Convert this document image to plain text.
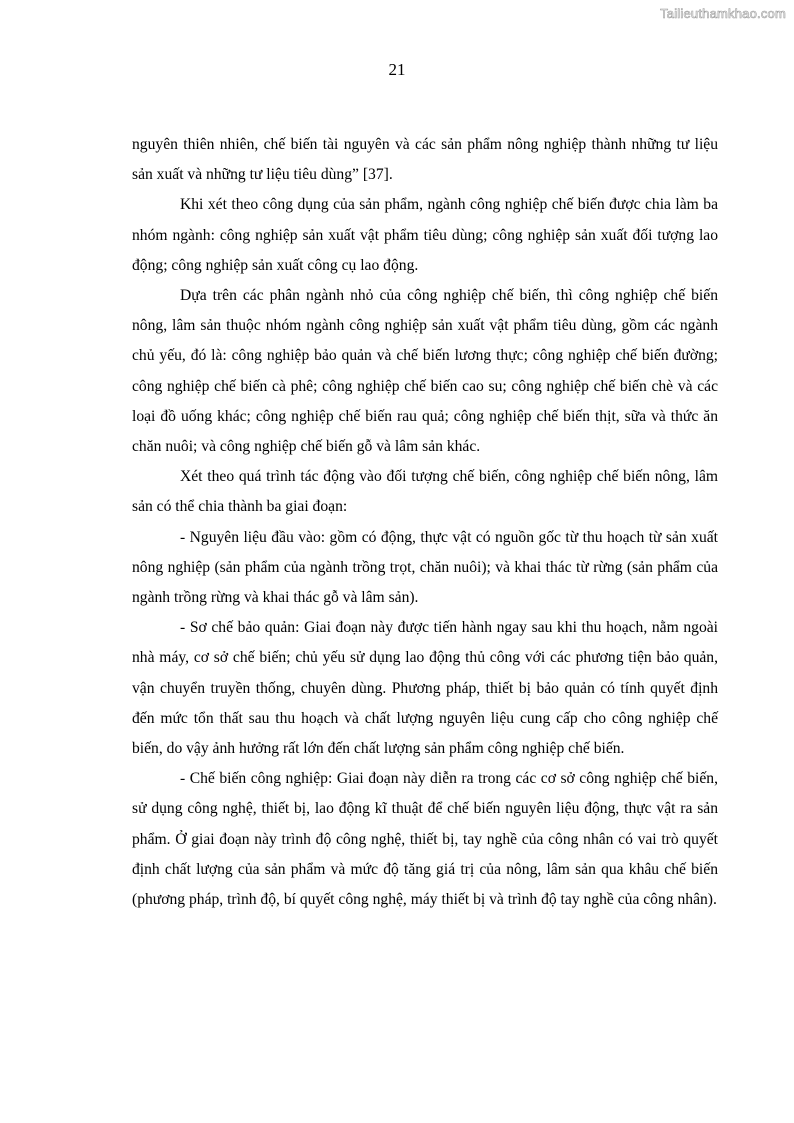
Tailieuthamkhao.com
21

nguyên thiên nhiên, chế biến tài nguyên và các sản phẩm nông nghiệp thành những tư liệu sản xuất và những tư liệu tiêu dùng” [37].

Khi xét theo công dụng của sản phẩm, ngành công nghiệp chế biến được chia làm ba nhóm ngành: công nghiệp sản xuất vật phẩm tiêu dùng; công nghiệp sản xuất đối tượng lao động; công nghiệp sản xuất công cụ lao động.

Dựa trên các phân ngành nhỏ của công nghiệp chế biến, thì công nghiệp chế biến nông, lâm sản thuộc nhóm ngành công nghiệp sản xuất vật phẩm tiêu dùng, gồm các ngành chủ yếu, đó là: công nghiệp bảo quản và chế biến lương thực; công nghiệp chế biến đường; công nghiệp chế biến cà phê; công nghiệp chế biến cao su; công nghiệp chế biến chè và các loại đồ uống khác; công nghiệp chế biến rau quả; công nghiệp chế biến thịt, sữa và thức ăn chăn nuôi; và công nghiệp chế biến gỗ và lâm sản khác.

Xét theo quá trình tác động vào đối tượng chế biến, công nghiệp chế biến nông, lâm sản có thể chia thành ba giai đoạn:

- Nguyên liệu đầu vào: gồm có động, thực vật có nguồn gốc từ thu hoạch từ sản xuất nông nghiệp (sản phẩm của ngành trồng trọt, chăn nuôi); và khai thác từ rừng (sản phẩm của ngành trồng rừng và khai thác gỗ và lâm sản).

- Sơ chế bảo quản: Giai đoạn này được tiến hành ngay sau khi thu hoạch, nằm ngoài nhà máy, cơ sở chế biến; chủ yếu sử dụng lao động thủ công với các phương tiện bảo quản, vận chuyển truyền thống, chuyên dùng. Phương pháp, thiết bị bảo quản có tính quyết định đến mức tổn thất sau thu hoạch và chất lượng nguyên liệu cung cấp cho công nghiệp chế biến, do vậy ảnh hưởng rất lớn đến chất lượng sản phẩm công nghiệp chế biến.

- Chế biến công nghiệp: Giai đoạn này diễn ra trong các cơ sở công nghiệp chế biến, sử dụng công nghệ, thiết bị, lao động kĩ thuật để chế biến nguyên liệu động, thực vật ra sản phẩm. Ở giai đoạn này trình độ công nghệ, thiết bị, tay nghề của công nhân có vai trò quyết định chất lượng của sản phẩm và mức độ tăng giá trị của nông, lâm sản qua khâu chế biến (phương pháp, trình độ, bí quyết công nghệ, máy thiết bị và trình độ tay nghề của công nhân).
